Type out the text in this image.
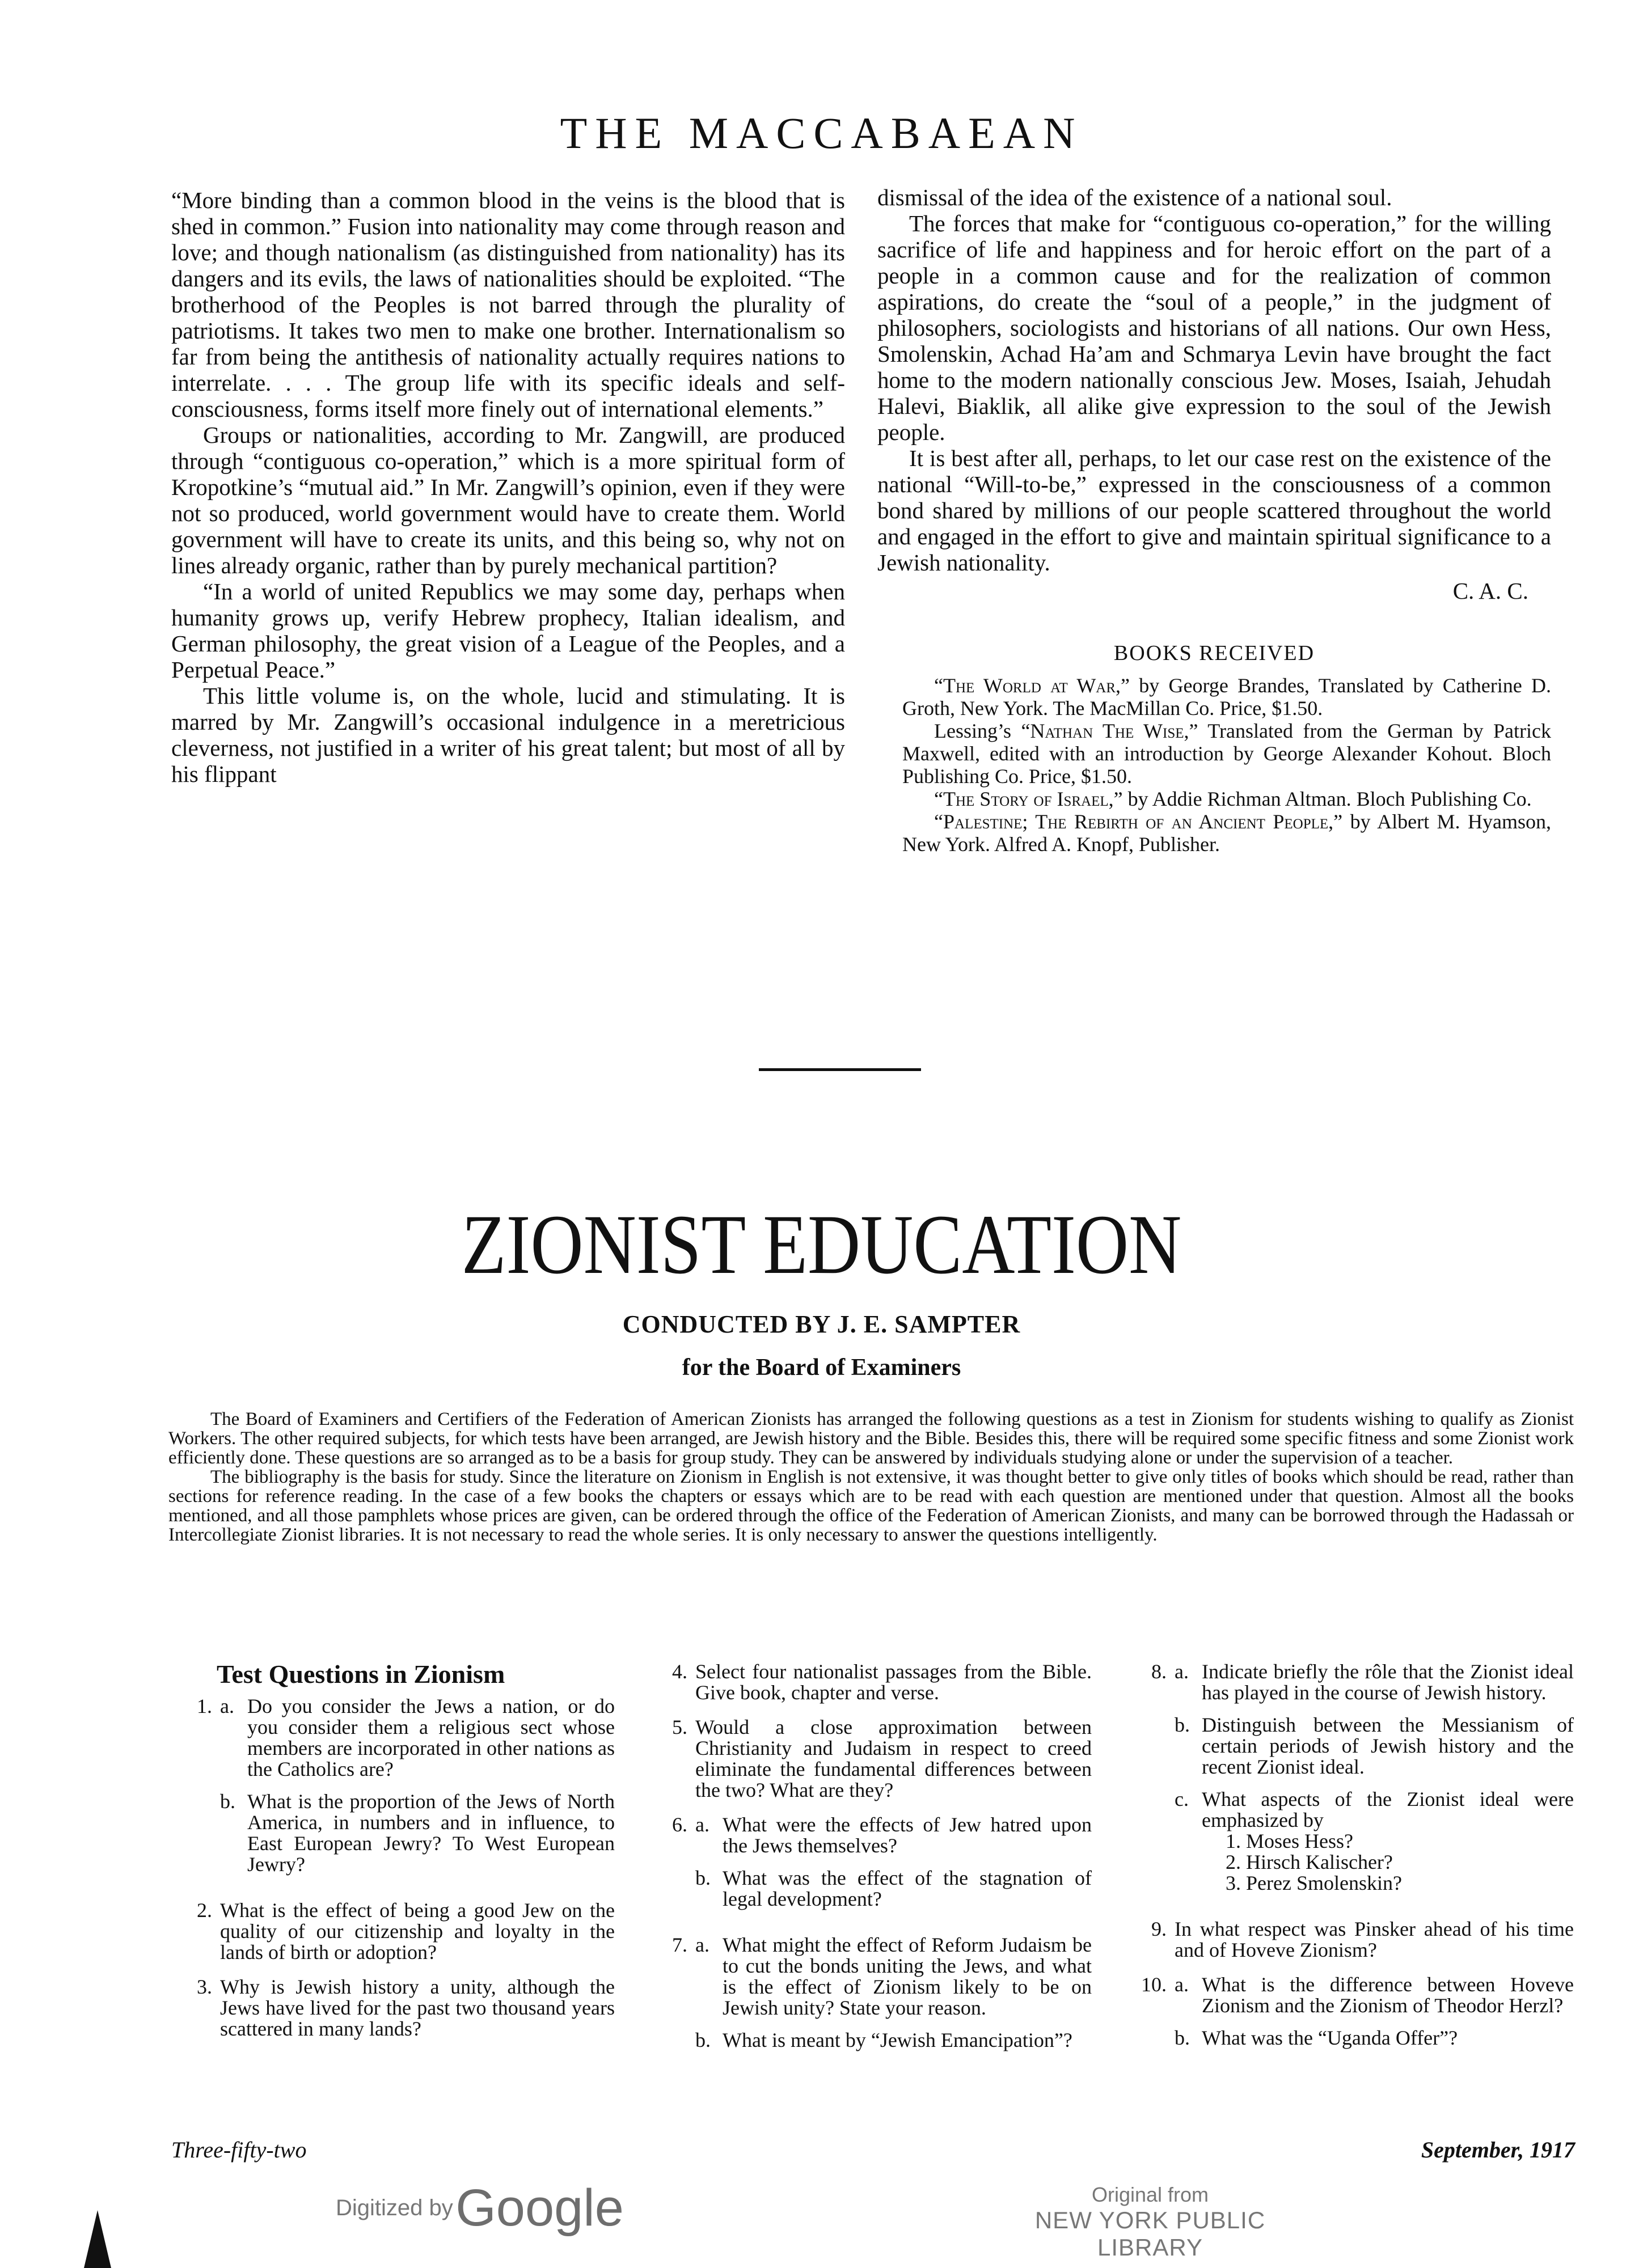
THE MACCABAEAN

“More binding than a common blood in the veins is the blood that is shed in common.” Fusion into nationality may come through reason and love; and though nationalism (as distinguished from nationality) has its dangers and its evils, the laws of nationalities should be exploited. “The brotherhood of the Peoples is not barred through the plurality of patriotisms. It takes two men to make one brother. Internationalism so far from being the antithesis of nationality actually requires nations to interrelate. . . . The group life with its specific ideals and self-consciousness, forms itself more finely out of international elements.”

Groups or nationalities, according to Mr. Zangwill, are produced through “contiguous co-operation,” which is a more spiritual form of Kropotkine’s “mutual aid.” In Mr. Zangwill’s opinion, even if they were not so produced, world government would have to create them. World government will have to create its units, and this being so, why not on lines already organic, rather than by purely mechanical partition?

“In a world of united Republics we may some day, perhaps when humanity grows up, verify Hebrew prophecy, Italian idealism, and German philosophy, the great vision of a League of the Peoples, and a Perpetual Peace.”

This little volume is, on the whole, lucid and stimulating. It is marred by Mr. Zangwill’s occasional indulgence in a meretricious cleverness, not justified in a writer of his great talent; but most of all by his flippant

dismissal of the idea of the existence of a national soul.

The forces that make for “contiguous co-operation,” for the willing sacrifice of life and happiness and for heroic effort on the part of a people in a common cause and for the realization of common aspirations, do create the “soul of a people,” in the judgment of philosophers, sociologists and historians of all nations. Our own Hess, Smolenskin, Achad Ha’am and Schmarya Levin have brought the fact home to the modern nationally conscious Jew. Moses, Isaiah, Jehudah Halevi, Biaklik, all alike give expression to the soul of the Jewish people.

It is best after all, perhaps, to let our case rest on the existence of the national “Will-to-be,” expressed in the consciousness of a common bond shared by millions of our people scattered throughout the world and engaged in the effort to give and maintain spiritual significance to a Jewish nationality.

C. A. C.
BOOKS RECEIVED

“The World at War,” by George Brandes, Translated by Catherine D. Groth, New York. The MacMillan Co. Price, $1.50.

Lessing’s “Nathan The Wise,” Translated from the German by Patrick Maxwell, edited with an introduction by George Alexander Kohout. Bloch Publishing Co. Price, $1.50.

“The Story of Israel,” by Addie Richman Altman. Bloch Publishing Co.

“Palestine; The Rebirth of an Ancient People,” by Albert M. Hyamson, New York. Alfred A. Knopf, Publisher.

ZIONIST EDUCATION
CONDUCTED BY J. E. SAMPTER
for the Board of Examiners

The Board of Examiners and Certifiers of the Federation of American Zionists has arranged the following questions as a test in Zionism for students wishing to qualify as Zionist Workers. The other required subjects, for which tests have been arranged, are Jewish history and the Bible. Besides this, there will be required some specific fitness and some Zionist work efficiently done. These questions are so arranged as to be a basis for group study. They can be answered by individuals studying alone or under the supervision of a teacher.

The bibliography is the basis for study. Since the literature on Zionism in English is not extensive, it was thought better to give only titles of books which should be read, rather than sections for reference reading. In the case of a few books the chapters or essays which are to be read with each question are mentioned under that question. Almost all the books mentioned, and all those pamphlets whose prices are given, can be ordered through the office of the Federation of American Zionists, and many can be borrowed through the Hadassah or Intercollegiate Zionist libraries. It is not necessary to read the whole series. It is only necessary to answer the questions intelligently.

Test Questions in Zionism
1. a. Do you consider the Jews a nation, or do you consider them a religious sect whose members are incorporated in other nations as the Catholics are?
b. What is the proportion of the Jews of North America, in numbers and in influence, to East European Jewry? To West European Jewry?
2. What is the effect of being a good Jew on the quality of our citizenship and loyalty in the lands of birth or adoption?
3. Why is Jewish history a unity, although the Jews have lived for the past two thousand years scattered in many lands?
4. Select four nationalist passages from the Bible. Give book, chapter and verse.
5. Would a close approximation between Christianity and Judaism in respect to creed eliminate the fundamental differences between the two? What are they?
6. a. What were the effects of Jew hatred upon the Jews themselves?
b. What was the effect of the stagnation of legal development?
7. a. What might the effect of Reform Judaism be to cut the bonds uniting the Jews, and what is the effect of Zionism likely to be on Jewish unity? State your reason.
b. What is meant by “Jewish Emancipation”?
8. a. Indicate briefly the rôle that the Zionist ideal has played in the course of Jewish history.
b. Distinguish between the Messianism of certain periods of Jewish history and the recent Zionist ideal.
c. What aspects of the Zionist ideal were emphasized by
1. Moses Hess?
2. Hirsch Kalischer?
3. Perez Smolenskin?
9. In what respect was Pinsker ahead of his time and of Hoveve Zionism?
10. a. What is the difference between Hoveve Zionism and the Zionism of Theodor Herzl?
b. What was the “Uganda Offer”?
Three-fifty-two	September, 1917
Digitized by Google	Original from
NEW YORK PUBLIC LIBRARY
